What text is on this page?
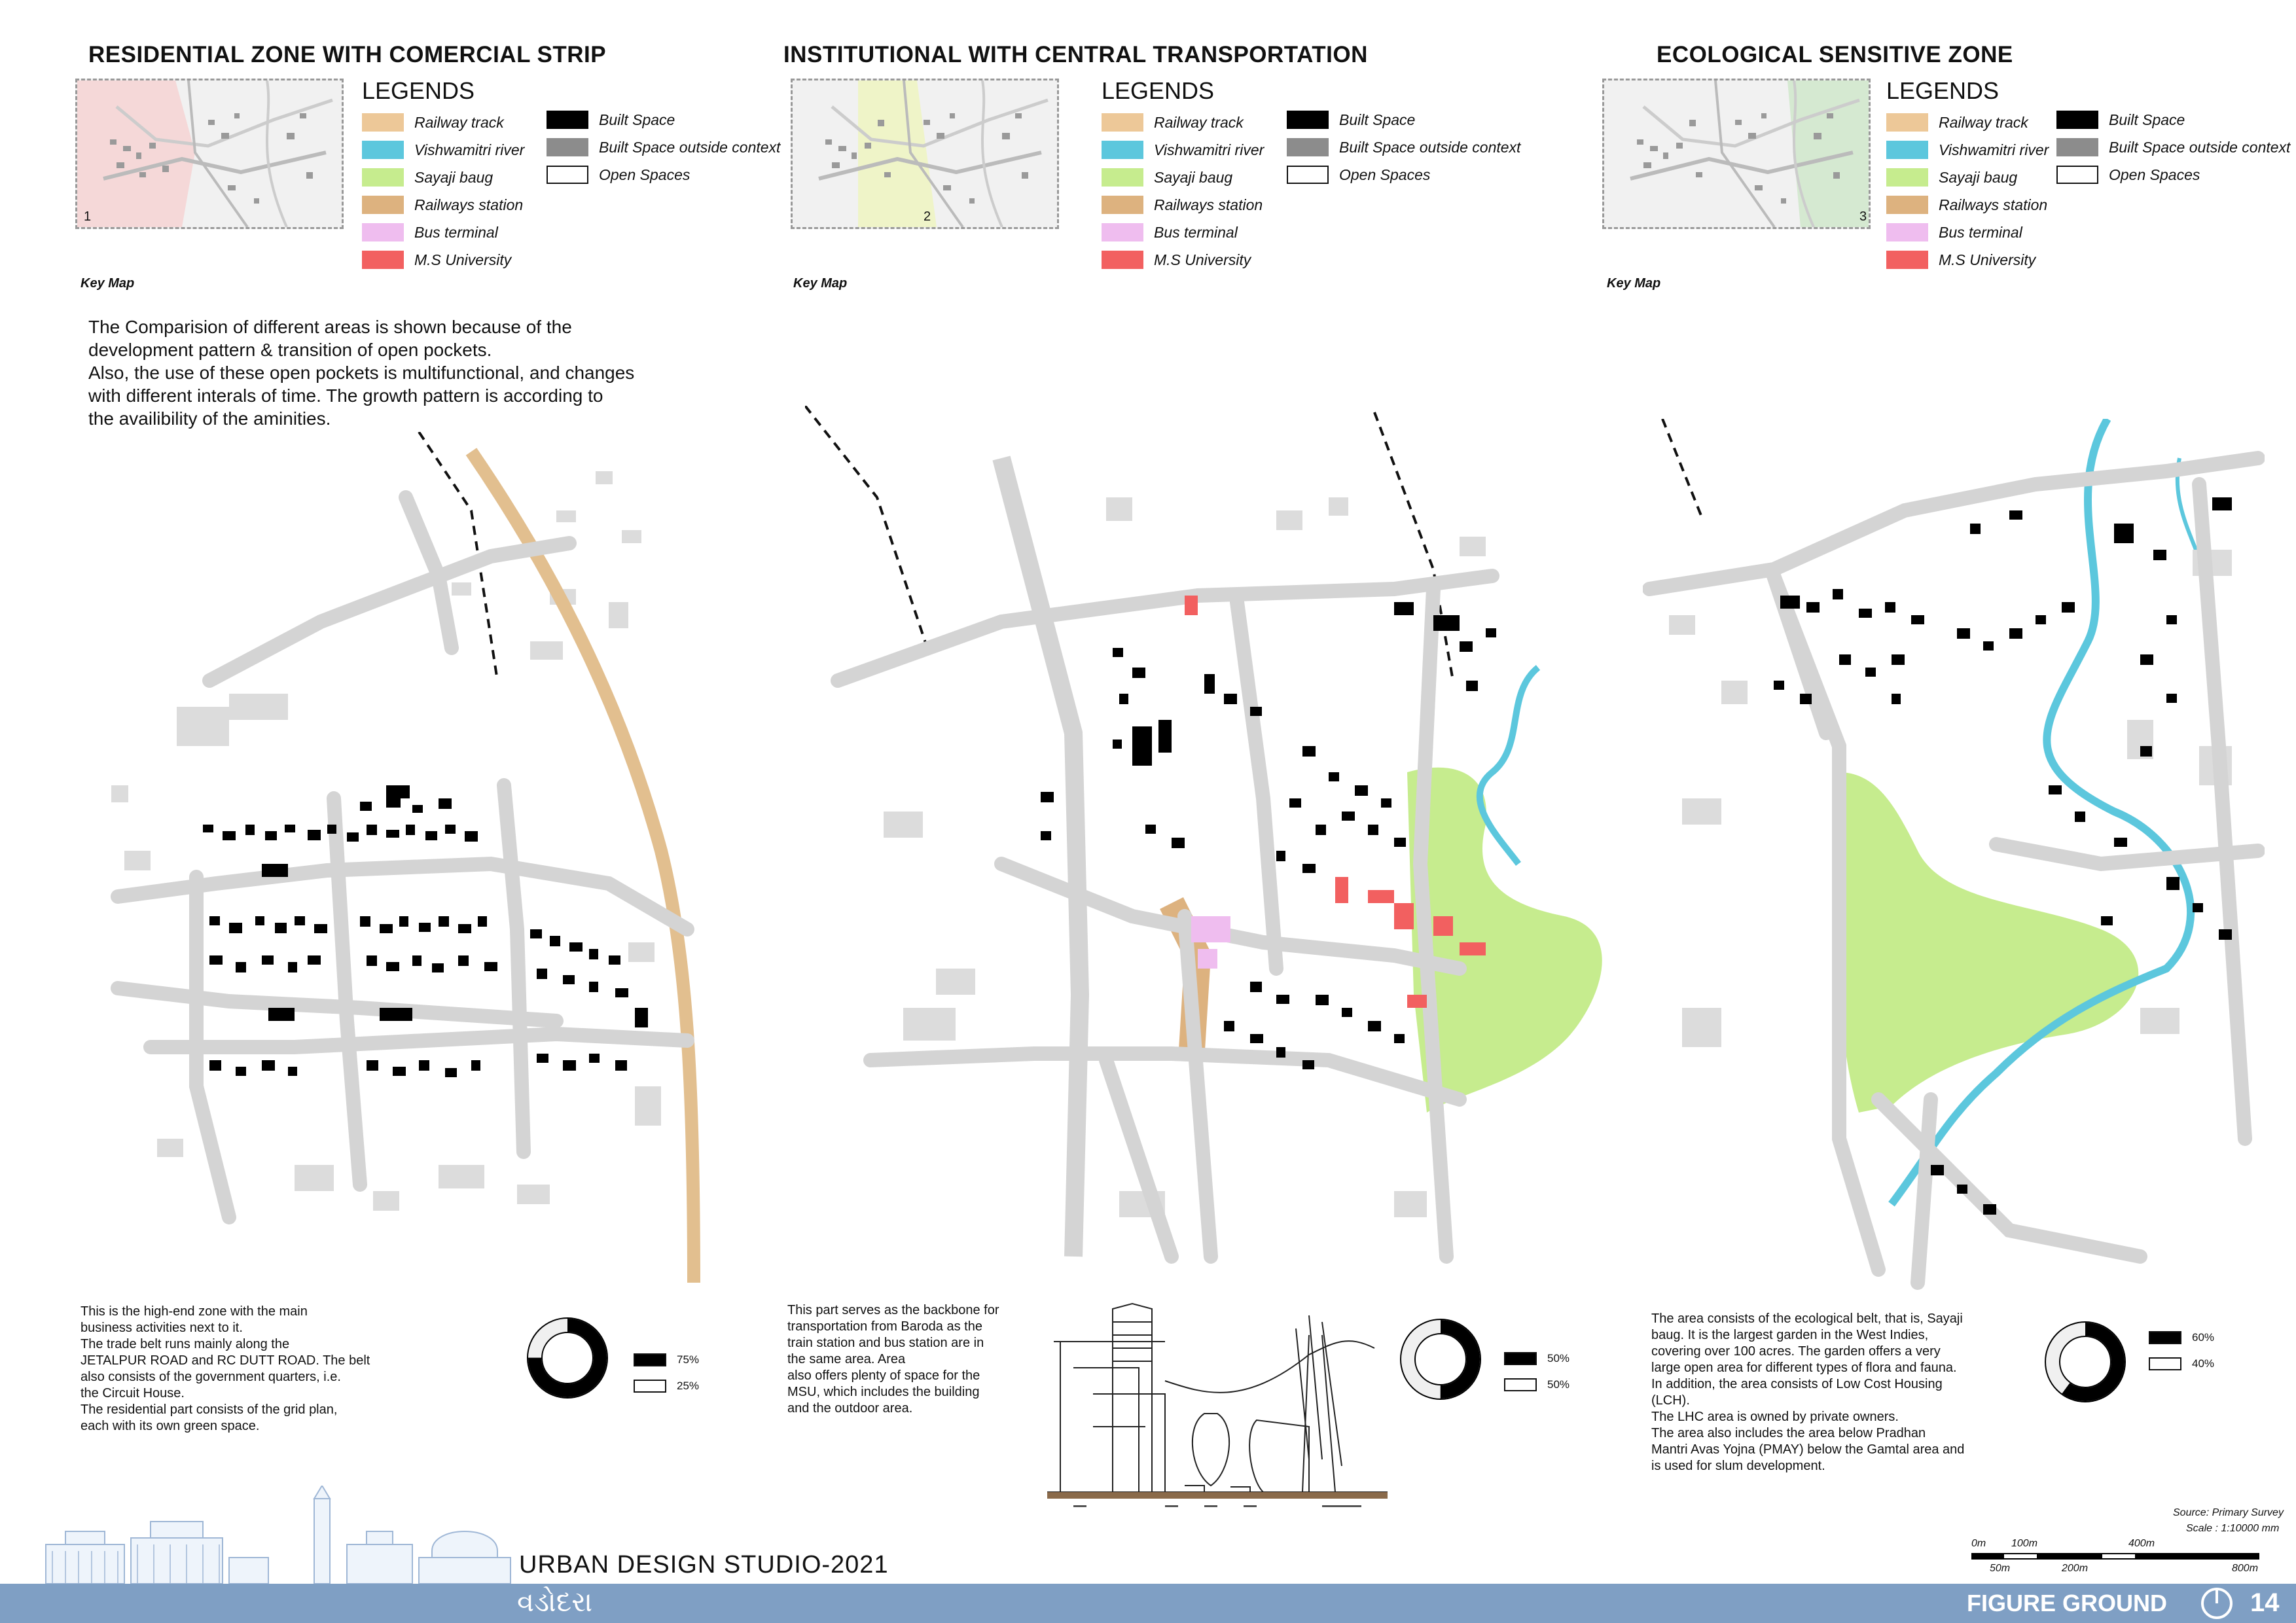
RESIDENTIAL ZONE WITH COMERCIAL STRIP
1
Key Map
LEGENDS
Railway track
Vishwamitri river
Sayaji baug
Railways station
Bus terminal
M.S University
Built Space
Built Space outside context
Open Spaces
INSTITUTIONAL WITH CENTRAL TRANSPORTATION
2
Key Map
LEGENDS
Railway track
Vishwamitri river
Sayaji baug
Railways station
Bus terminal
M.S University
Built Space
Built Space outside context
Open Spaces
ECOLOGICAL SENSITIVE ZONE
3
Key Map
LEGENDS
Railway track
Vishwamitri river
Sayaji baug
Railways station
Bus terminal
M.S University
Built Space
Built Space outside context
Open Spaces

The Comparision of different areas is shown because of the

development pattern & transition of open pockets.

Also, the use of these open pockets is multifunctional, and changes

with different interals of time. The growth pattern is according to

the availibility of the aminities.

This is the high-end zone with the main

business activities next to it.

The trade belt runs mainly along the

JETALPUR ROAD and RC DUTT ROAD. The belt

also consists of the government quarters, i.e.

the Circuit House.

The residential part consists of the grid plan,

each with its own green space.

This part serves as the backbone for

transportation from Baroda as the

train station and bus station are in

the same area. Area

also offers plenty of space for the

MSU, which includes the building

and the outdoor area.

The area consists of the ecological belt, that is, Sayaji

baug. It is the largest garden in the West Indies,

covering over 100 acres. The garden offers a very

large open area for different types of flora and fauna.

In addition, the area consists of Low Cost Housing

(LCH).

The LHC area is owned by private owners.

The area also includes the area below Pradhan

Mantri Avas Yojna (PMAY) below the Gamtal area and

is used for slum development.

75%
25%
50%
50%
60%
40%
Source: Primary Survey
Scale : 1:10000 mm
0m 100m	400m
50m	200m	800m
URBAN DESIGN STUDIO-2021
વડોદરા	FIGURE GROUND	14
